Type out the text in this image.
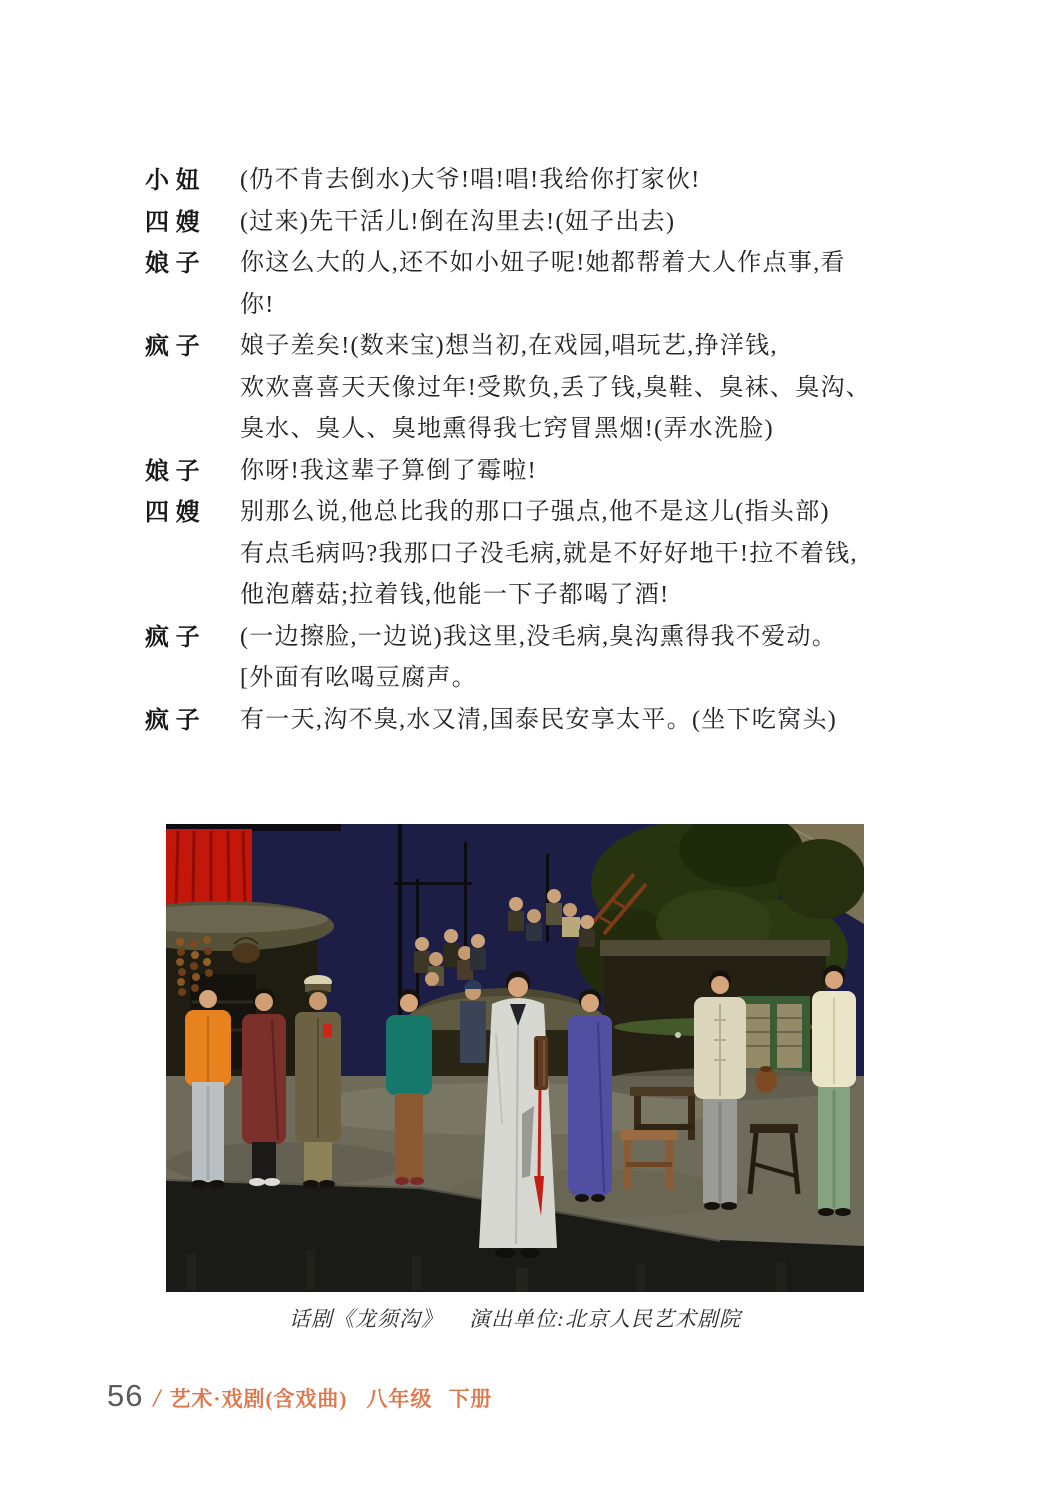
小 妞	(仍不肯去倒水)大爷!唱!唱!我给你打家伙!
四 嫂	(过来)先干活儿!倒在沟里去!(妞子出去)
娘 子	你这么大的人,还不如小妞子呢!她都帮着大人作点事,看
你!
疯 子	娘子差矣!(数来宝)想当初,在戏园,唱玩艺,挣洋钱,
欢欢喜喜天天像过年!受欺负,丢了钱,臭鞋、臭袜、臭沟、
臭水、臭人、臭地熏得我七窍冒黑烟!(弄水洗脸)
娘 子	你呀!我这辈子算倒了霉啦!
四 嫂	别那么说,他总比我的那口子强点,他不是这儿(指头部)
有点毛病吗?我那口子没毛病,就是不好好地干!拉不着钱,
他泡蘑菇;拉着钱,他能一下子都喝了酒!
疯 子	(一边擦脸,一边说)我这里,没毛病,臭沟熏得我不爱动。
[外面有吆喝豆腐声。
疯 子	有一天,沟不臭,水又清,国泰民安享太平。(坐下吃窝头)
话剧《龙须沟》 演出单位:北京人民艺术剧院
56 / 艺术·戏剧(含戏曲) 八年级 下册
